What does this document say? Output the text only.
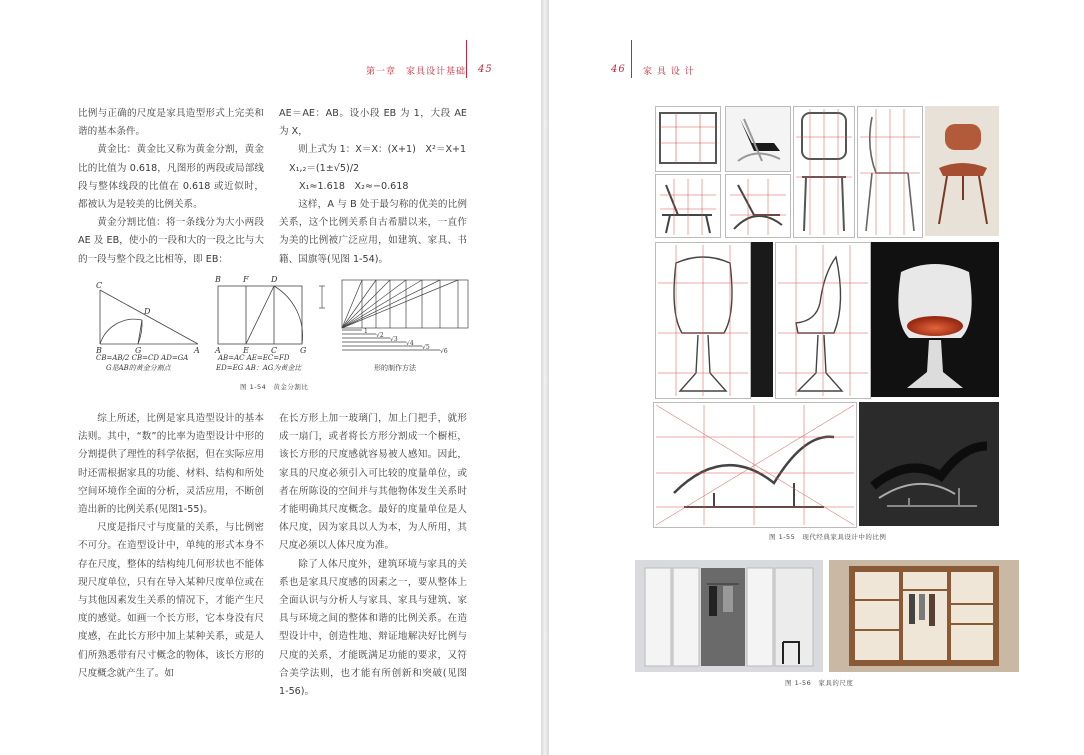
第一章　家具设计基础 45

比例与正确的尺度是家具造型形式上完美和谐的基本条件。

黄金比：黄金比又称为黄金分割，黄金比的比值为 0.618，凡图形的两段或局部线段与整体线段的比值在 0.618 或近似时，都被认为是较美的比例关系。

黄金分割比值：将一条线分为大小两段 AE 及 EB，使小的一段和大的一段之比与大的一段与整个段之比相等，即 EB：

AE＝AE：AB。设小段 EB 为 1，大段 AE 为 X，

则上式为 1：X＝X：(X+1)　X²＝X+1

X₁,₂＝(1±√5)/2

X₁≈1.618　X₂≈−0.618

这样，A 与 B 处于最匀称的优美的比例关系，这个比例关系自古希腊以来，一直作为美的比例被广泛应用，如建筑、家具、书籍、国旗等(见图 1-54)。

C
D
B	G	A
CB=AB/2 CB=CD AD=GA
G是AB的黄金分割点
B	F	D
A	E	C	G
AB=AC AE=EC=FD
ED=EG AB：AG为黄金比
1
√2
√3
√4
√5
√6
形的制作方法
图 1-54　黄金分割比

综上所述，比例是家具造型设计的基本法则。其中，“数”的比率为造型设计中形的分割提供了理性的科学依据，但在实际应用时还需根据家具的功能、材料、结构和所处空间环境作全面的分析，灵活应用，不断创造出新的比例关系(见图1-55)。

尺度是指尺寸与度量的关系，与比例密不可分。在造型设计中，单纯的形式本身不存在尺度，整体的结构纯几何形状也不能体现尺度单位，只有在导入某种尺度单位或在与其他因素发生关系的情况下，才能产生尺度的感觉。如画一个长方形，它本身没有尺度感，在此长方形中加上某种关系，或是人们所熟悉带有尺寸概念的物体，该长方形的尺度概念就产生了。如

在长方形上加一玻璃门，加上门把手，就形成一扇门，或者将长方形分割成一个橱柜，该长方形的尺度感就容易被人感知。因此，家具的尺度必须引入可比较的度量单位，或者在所陈设的空间并与其他物体发生关系时才能明确其尺度概念。最好的度量单位是人体尺度，因为家具以人为本，为人所用，其尺度必须以人体尺度为准。

除了人体尺度外，建筑环境与家具的关系也是家具尺度感的因素之一，要从整体上全面认识与分析人与家具、家具与建筑、家具与环境之间的整体和谐的比例关系。在造型设计中，创造性地、辩证地解决好比例与尺度的关系，才能既满足功能的要求，又符合美学法则，也才能有所创新和突破(见图 1-56)。

46 家 具 设 计
图 1-55　现代经典家具设计中的比例
图 1-56　家具的尺度
